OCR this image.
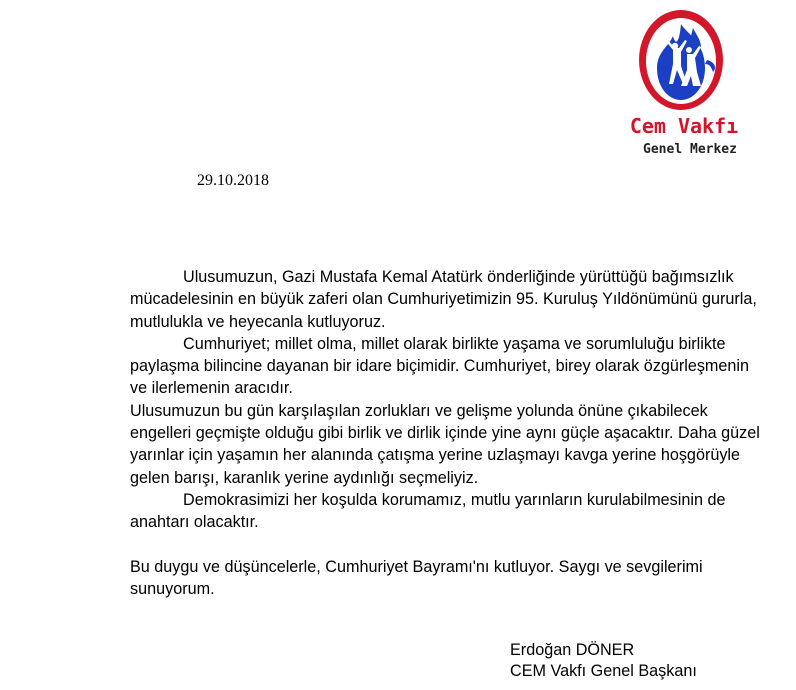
Cem Vakfı
Genel Merkez
29.10.2018

Ulusumuzun, Gazi Mustafa Kemal Atatürk önderliğinde yürüttüğü bağımsızlık mücadelesinin en büyük zaferi olan Cumhuriyetimizin 95. Kuruluş Yıldönümünü gururla, mutlulukla ve heyecanla kutluyoruz.

Cumhuriyet; millet olma, millet olarak birlikte yaşama ve sorumluluğu birlikte paylaşma bilincine dayanan bir idare biçimidir. Cumhuriyet, birey olarak özgürleşmenin ve ilerlemenin aracıdır.

Ulusumuzun bu gün karşılaşılan zorlukları ve gelişme yolunda önüne çıkabilecek engelleri geçmişte olduğu gibi birlik ve dirlik içinde yine aynı güçle aşacaktır. Daha güzel yarınlar için yaşamın her alanında çatışma yerine uzlaşmayı kavga yerine hoşgörüyle gelen barışı, karanlık yerine aydınlığı seçmeliyiz.

Demokrasimizi her koşulda korumamız, mutlu yarınların kurulabilmesinin de anahtarı olacaktır.

Bu duygu ve düşüncelerle, Cumhuriyet Bayramı'nı kutluyor. Saygı ve sevgilerimi sunuyorum.

Erdoğan DÖNER
CEM Vakfı Genel Başkanı
